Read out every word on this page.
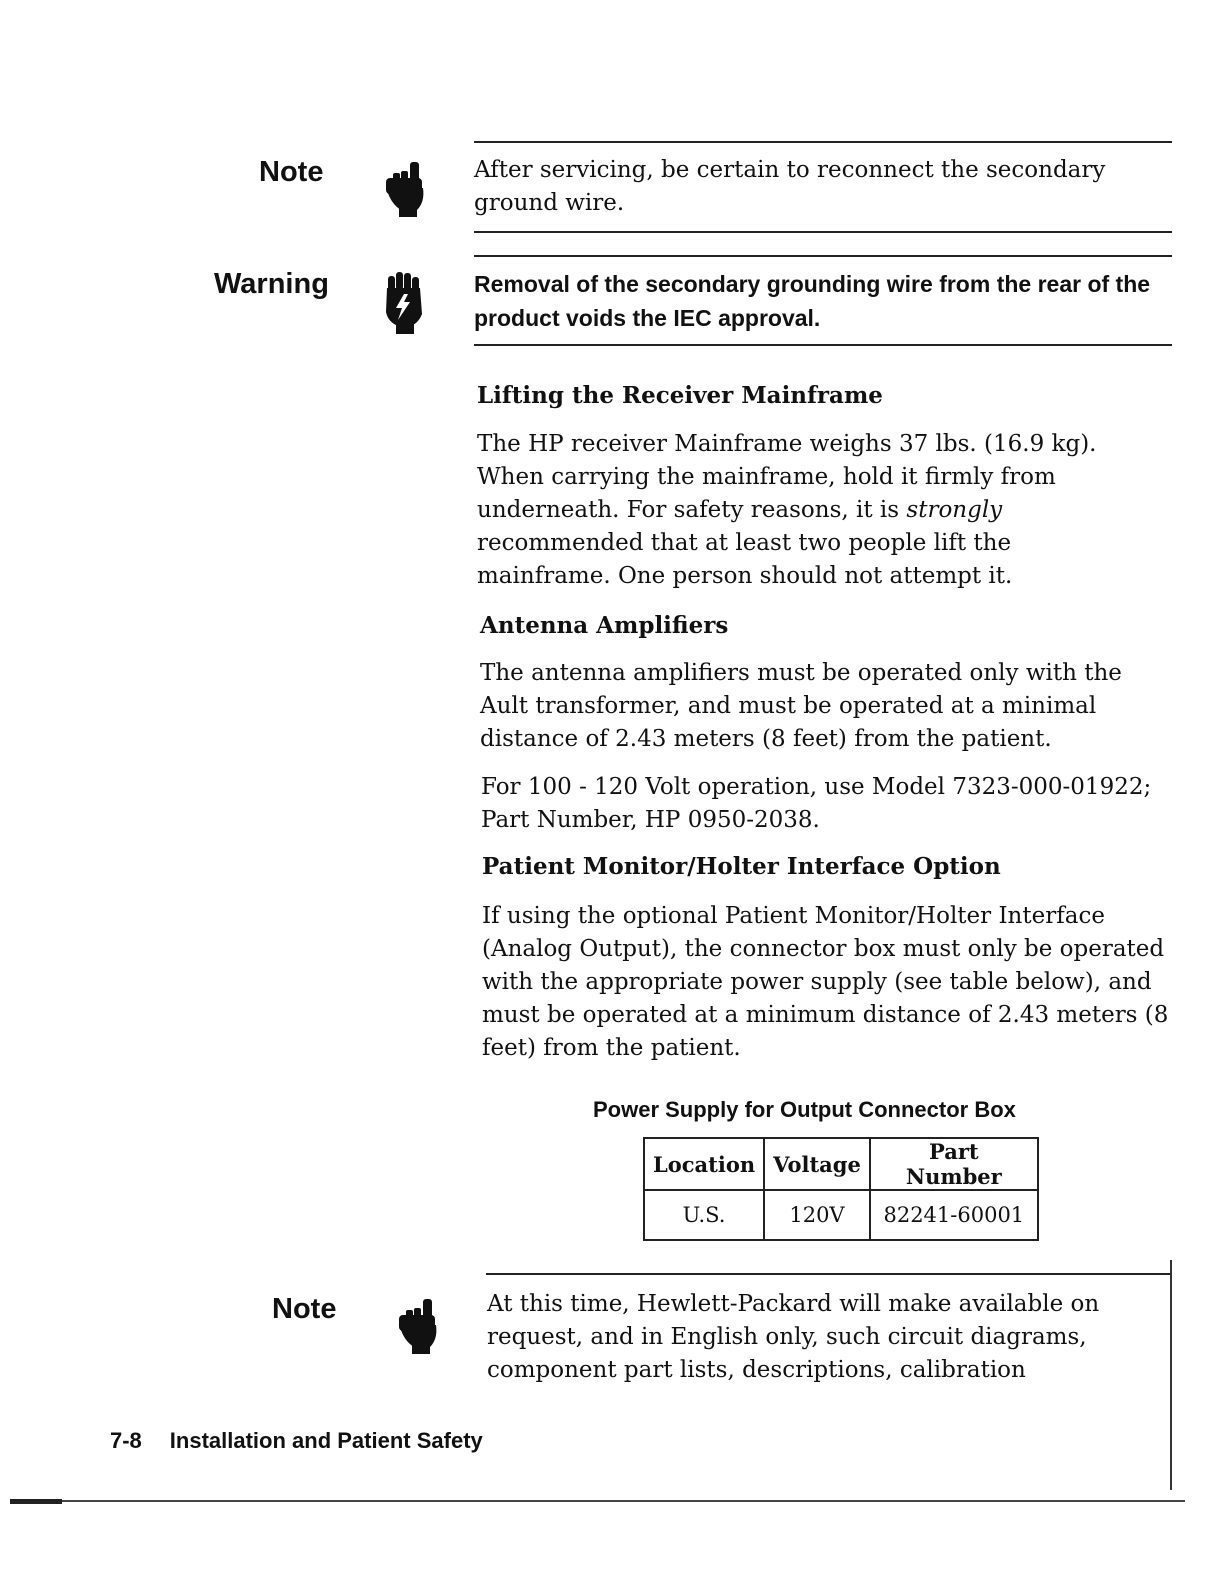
Note	After servicing, be certain to reconnect the secondary ground wire.

Warning	Removal of the secondary grounding wire from the rear of the product voids the IEC approval.

Lifting the Receiver Mainframe

The HP receiver Mainframe weighs 37 lbs. (16.9 kg). When carrying the mainframe, hold it firmly from underneath. For safety reasons, it is strongly recommended that at least two people lift the mainframe. One person should not attempt it.

Antenna Amplifiers

The antenna amplifiers must be operated only with the Ault transformer, and must be operated at a minimal distance of 2.43 meters (8 feet) from the patient.

For 100 - 120 Volt operation, use Model 7323-000-01922; Part Number, HP 0950-2038.

Patient Monitor/Holter Interface Option

If using the optional Patient Monitor/Holter Interface (Analog Output), the connector box must only be operated with the appropriate power supply (see table below), and must be operated at a minimum distance of 2.43 meters (8 feet) from the patient.

Power Supply for Output Connector Box
Location	Voltage	Part Number
U.S.	120V	82241-60001
Note	At this time, Hewlett-Packard will make available on request, and in English only, such circuit diagrams, component part lists, descriptions, calibration

7-8 Installation and Patient Safety
